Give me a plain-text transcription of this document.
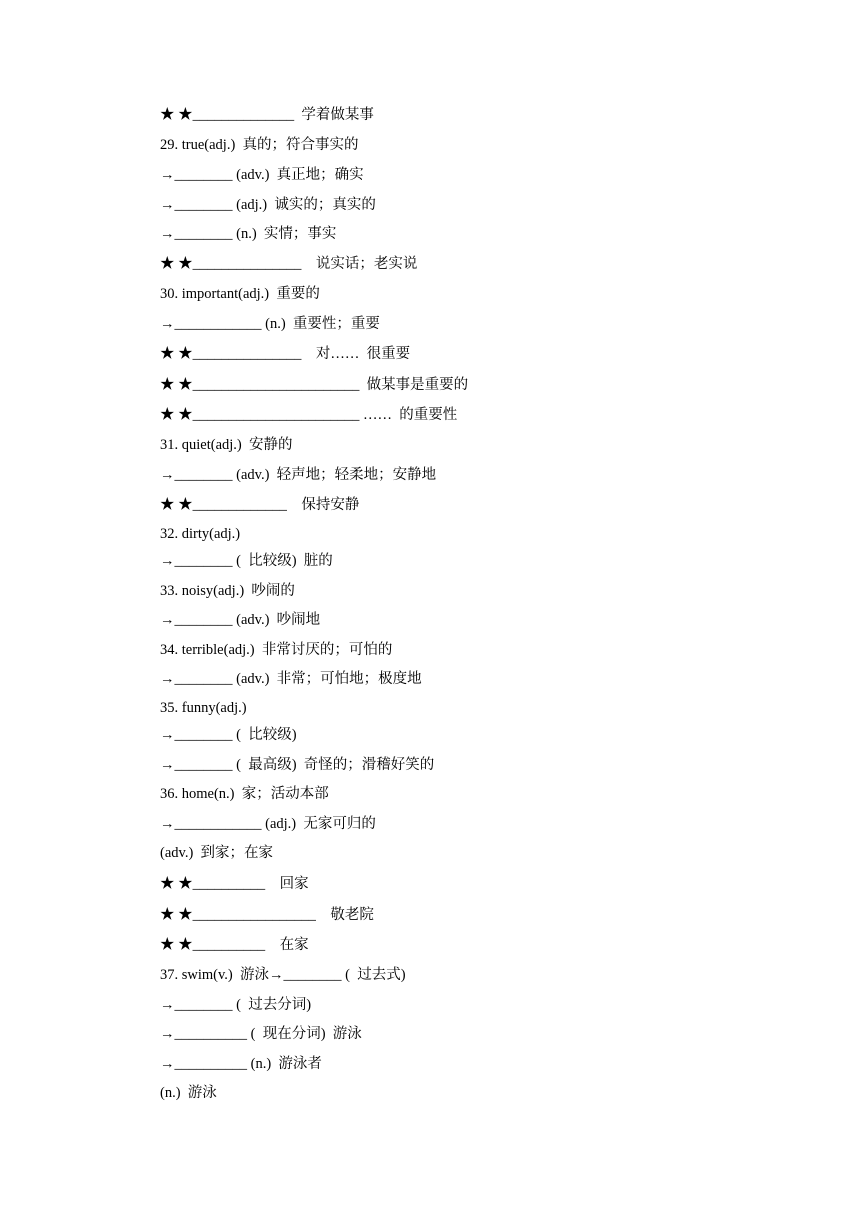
★ ★______________  学着做某事
29. true(adj.)  真的；符合事实的
→________ (adv.)  真正地；确实
→________ (adj.)  诚实的；真实的
→________ (n.)  实情；事实
★ ★_______________    说实话；老实说
30. important(adj.)  重要的
→____________ (n.)  重要性；重要
★ ★_______________    对……  很重要
★ ★_______________________  做某事是重要的
★ ★_______________________ ……  的重要性
31. quiet(adj.)  安静的
→________ (adv.)  轻声地；轻柔地；安静地
★ ★_____________    保持安静
32. dirty(adj.)
→________ (  比较级)  脏的
33. noisy(adj.)  吵闹的
→________ (adv.)  吵闹地
34. terrible(adj.)  非常讨厌的；可怕的
→________ (adv.)  非常；可怕地；极度地
35. funny(adj.)
→________ (  比较级)
→________ (  最高级)  奇怪的；滑稽好笑的
36. home(n.)  家；活动本部
→____________ (adj.)  无家可归的
(adv.)  到家；在家
★ ★__________    回家
★ ★_________________    敬老院
★ ★__________    在家
37. swim(v.)  游泳→________ (  过去式)
→________ (  过去分词)
→__________ (  现在分词)  游泳
→__________ (n.)  游泳者
(n.)  游泳
